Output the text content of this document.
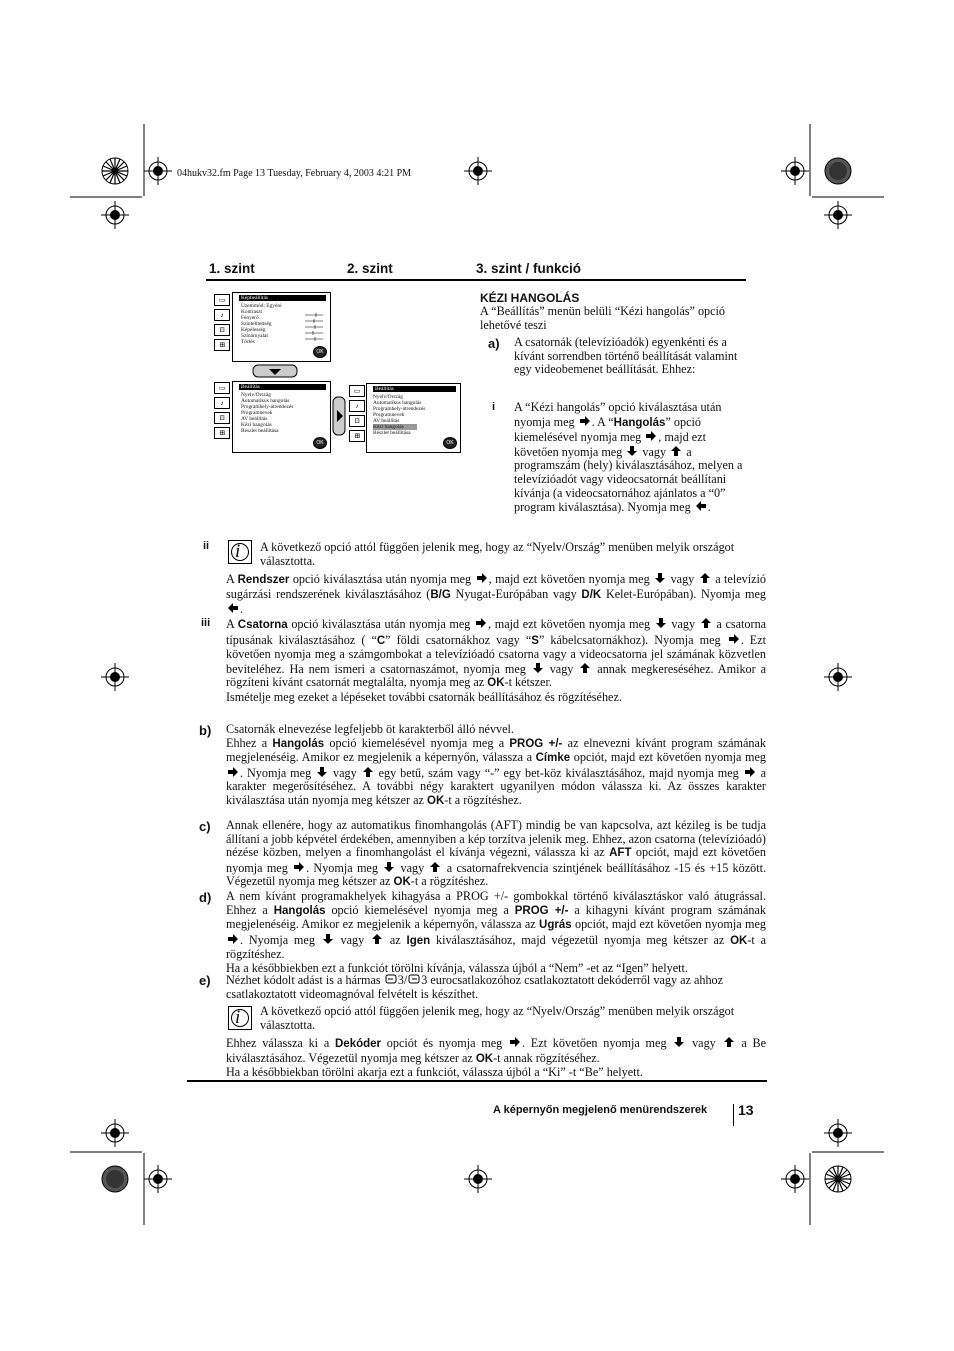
04hukv32.fm Page 13 Tuesday, February 4, 2003 4:21 PM
1. szint	2. szint	3. szint / funkció
▭
♪
⊡
⊞
Képbeállítás
Üzemmód: Egyéni
Kontraszt
Fényerő
Színtelítettség
Képélesség
Színárnyalat
Törlés
OK
▭
♪
⊡
⊞
Beállítás
Nyelv/Ország
Automatikus hangolás
Programhely-átrendezés
Programnevek
AV beállítás
Kézi hangolás
Részlet beállítása
OK
▭
♪
⊡
⊞
Beállítás
Nyelv/Ország
Automatikus hangolás
Programhely-átrendezés
Programnevek
AV beállítás
Kézi hangolás
Részlet beállítása
OK
KÉZI HANGOLÁS
A “Beállítás” menün belüli “Kézi hangolás” opció lehetővé teszi
a) A csatornák (televízióadók) egyenkénti és a kívánt sorrendben történő beállítását valamint egy videobemenet beállítását. Ehhez:
i A “Kézi hangolás” opció kiválasztása után nyomja meg . A “Hangolás” opció kiemelésével nyomja meg , majd ezt követően nyomja meg vagy a programszám (hely) kiválasztásához, melyen a televízióadót vagy videocsatornát beállítani kívánja (a videocsatornához ajánlatos a “0” program kiválasztása). Nyomja meg .
ii i	A következő opció attól függően jelenik meg, hogy az “Nyelv/Ország” menüben melyik országot választotta.
A Rendszer opció kiválasztása után nyomja meg , majd ezt követően nyomja meg vagy a televízió sugárzási rendszerének kiválasztásához (B/G Nyugat-Európában vagy D/K Kelet-Európában). Nyomja meg
.
iii A Csatorna opció kiválasztása után nyomja meg , majd ezt követően nyomja meg vagy a csatorna típusának kiválasztásához ( “C” földi csatornákhoz vagy “S” kábelcsatornákhoz). Nyomja meg . Ezt követően nyomja meg a számgombokat a televízióadó csatorna vagy a videocsatorna jel számának közvetlen beviteléhez. Ha nem ismeri a csatornaszámot, nyomja meg vagy annak megkereséséhez. Amikor a rögzíteni kívánt csatornát megtalálta, nyomja meg az OK-t kétszer.
Ismételje meg ezeket a lépéseket további csatornák beállításához és rögzítéséhez.
b) Csatornák elnevezése legfeljebb öt karakterből álló névvel.
Ehhez a Hangolás opció kiemelésével nyomja meg a PROG +/- az elnevezni kívánt program számának megjelenéséig. Amikor ez megjelenik a képernyőn, válassza a Címke opciót, majd ezt követően nyomja meg
. Nyomja meg vagy egy betű, szám vagy “-” egy bet-köz kiválasztásához, majd nyomja meg a karakter megerősítéséhez. A további négy karaktert ugyanilyen módon válassza ki. Az összes karakter kiválasztása után nyomja meg kétszer az OK-t a rögzítéshez.
c) Annak ellenére, hogy az automatikus finomhangolás (AFT) mindig be van kapcsolva, azt kézileg is be tudja állítani a jobb képvétel érdekében, amennyiben a kép torzítva jelenik meg. Ehhez, azon csatorna (televízióadó) nézése közben, melyen a finomhangolást el kívánja végezni, válassza ki az AFT opciót, majd ezt követően nyomja meg . Nyomja meg vagy a csatornafrekvencia szintjének beállításához -15 és +15 között. Végezetül nyomja meg kétszer az OK-t a rögzítéshez.
d) A nem kívánt programakhelyek kihagyása a PROG +/- gombokkal történő kiválasztáskor való átugrással. Ehhez a Hangolás opció kiemelésével nyomja meg a PROG +/- a kihagyni kívánt program számának megjelenéséig. Amikor ez megjelenik a képernyőn, válassza az Ugrás opciót, majd ezt követően nyomja meg
. Nyomja meg vagy az Igen kiválasztásához, majd végezetül nyomja meg kétszer az OK-t a rögzítéshez.
Ha a későbbiekben ezt a funkciót törölni kívánja, válassza újból a “Nem” -et az “Igen” helyett.
e) Nézhet kódolt adást is a hármas 3/ 3 eurocsatlakozóhoz csatlakoztatott dekóderről vagy az ahhoz csatlakoztatott videomagnóval felvételt is készíthet.
i	A következő opció attól függően jelenik meg, hogy az “Nyelv/Ország” menüben melyik országot választotta.
Ehhez válassza ki a Dekóder opciót és nyomja meg . Ezt követően nyomja meg vagy a Be kiválasztásához. Végezetül nyomja meg kétszer az OK-t annak rögzítéséhez.
Ha a későbbiekban törölni akarja ezt a funkciót, válassza újból a “Ki” -t “Be” helyett.
A képernyőn megjelenő menürendszerek 13
